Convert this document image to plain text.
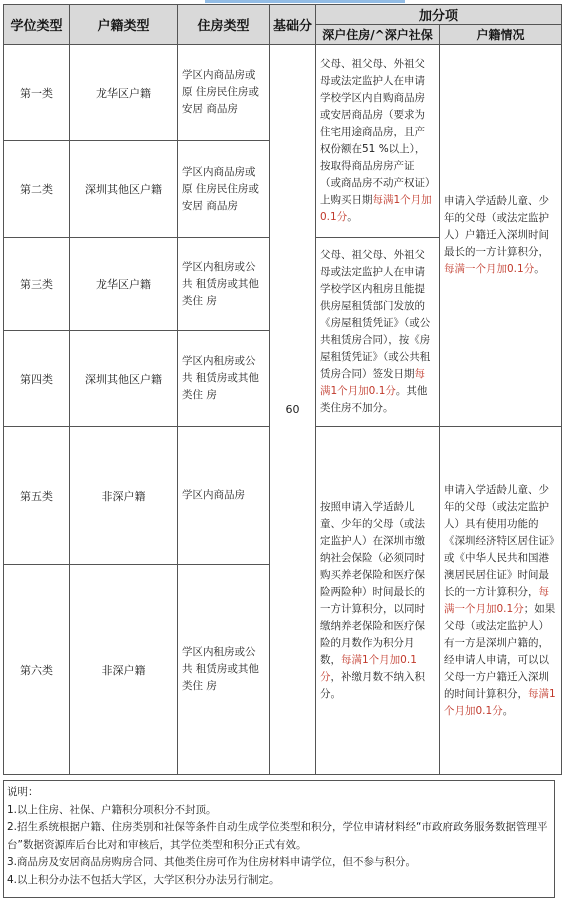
学位类型	户籍类型	住房类型	基础分	加分项	
				深户住房/^深户社保	户籍情况
第一类	龙华区户籍	学区内商品房或原 住房民住房或安居 商品房	60	父母、祖父母、外祖父母或法定监护人在申请学校学区内自购商品房或安居商品房（要求为住宅用途商品房，且产权份额在51 %以上），按取得商品房房产证（或商品房不动产权证）上购买日期每满1个月加0.1分。	申请入学适龄儿童、少年的父母（或法定监护人）户籍迁入深圳时间最长的一方计算积分，每满一个月加0.1分。
第二类	深圳其他区户籍	学区内商品房或原 住房民住房或安居 商品房			
第三类	龙华区户籍	学区内租房或公共 租赁房或其他类住 房		父母、祖父母、外祖父母或法定监护人在申请学校学区内租房且能提供房屋租赁部门发放的《房屋租赁凭证》（或公共租赁房合同），按《房屋租赁凭证》（或公共租赁房合同）签发日期每满1个月加0.1分。其他类住房不加分。	
第四类	深圳其他区户籍	学区内租房或公共 租赁房或其他类住 房			
第五类	非深户籍	学区内商品房		按照申请入学适龄儿童、少年的父母（或法定监护人）在深圳市缴纳社会保险（必须同时购买养老保险和医疗保险两险种）时间最长的一方计算积分，以同时缴纳养老保险和医疗保险的月数作为积分月数，每满1个月加0.1分，补缴月数不纳入积分。	申请入学适龄儿童、少年的父母（或法定监护人）具有使用功能的《深圳经济特区居住证》或《中华人民共和国港澳居民居住证》时间最长的一方计算积分，每满一个月加0.1分；如果父母（或法定监护人）有一方是深圳户籍的，经申请人申请，可以以父母一方户籍迁入深圳的时间计算积分，每满1个月加0.1分。
第六类	非深户籍	学区内租房或公共 租赁房或其他类住 房			
说明：
1.以上住房、社保、户籍积分项积分不封顶。
2.招生系统根据户籍、住房类别和社保等条件自动生成学位类型和积分，学位申请材料经“市政府政务服务数据管理平台”数据资源库后台比对和审核后，其学位类型和积分正式有效。
3.商品房及安居商品房购房合同、其他类住房可作为住房材料申请学位，但不参与积分。
4.以上积分办法不包括大学区，大学区积分办法另行制定。
